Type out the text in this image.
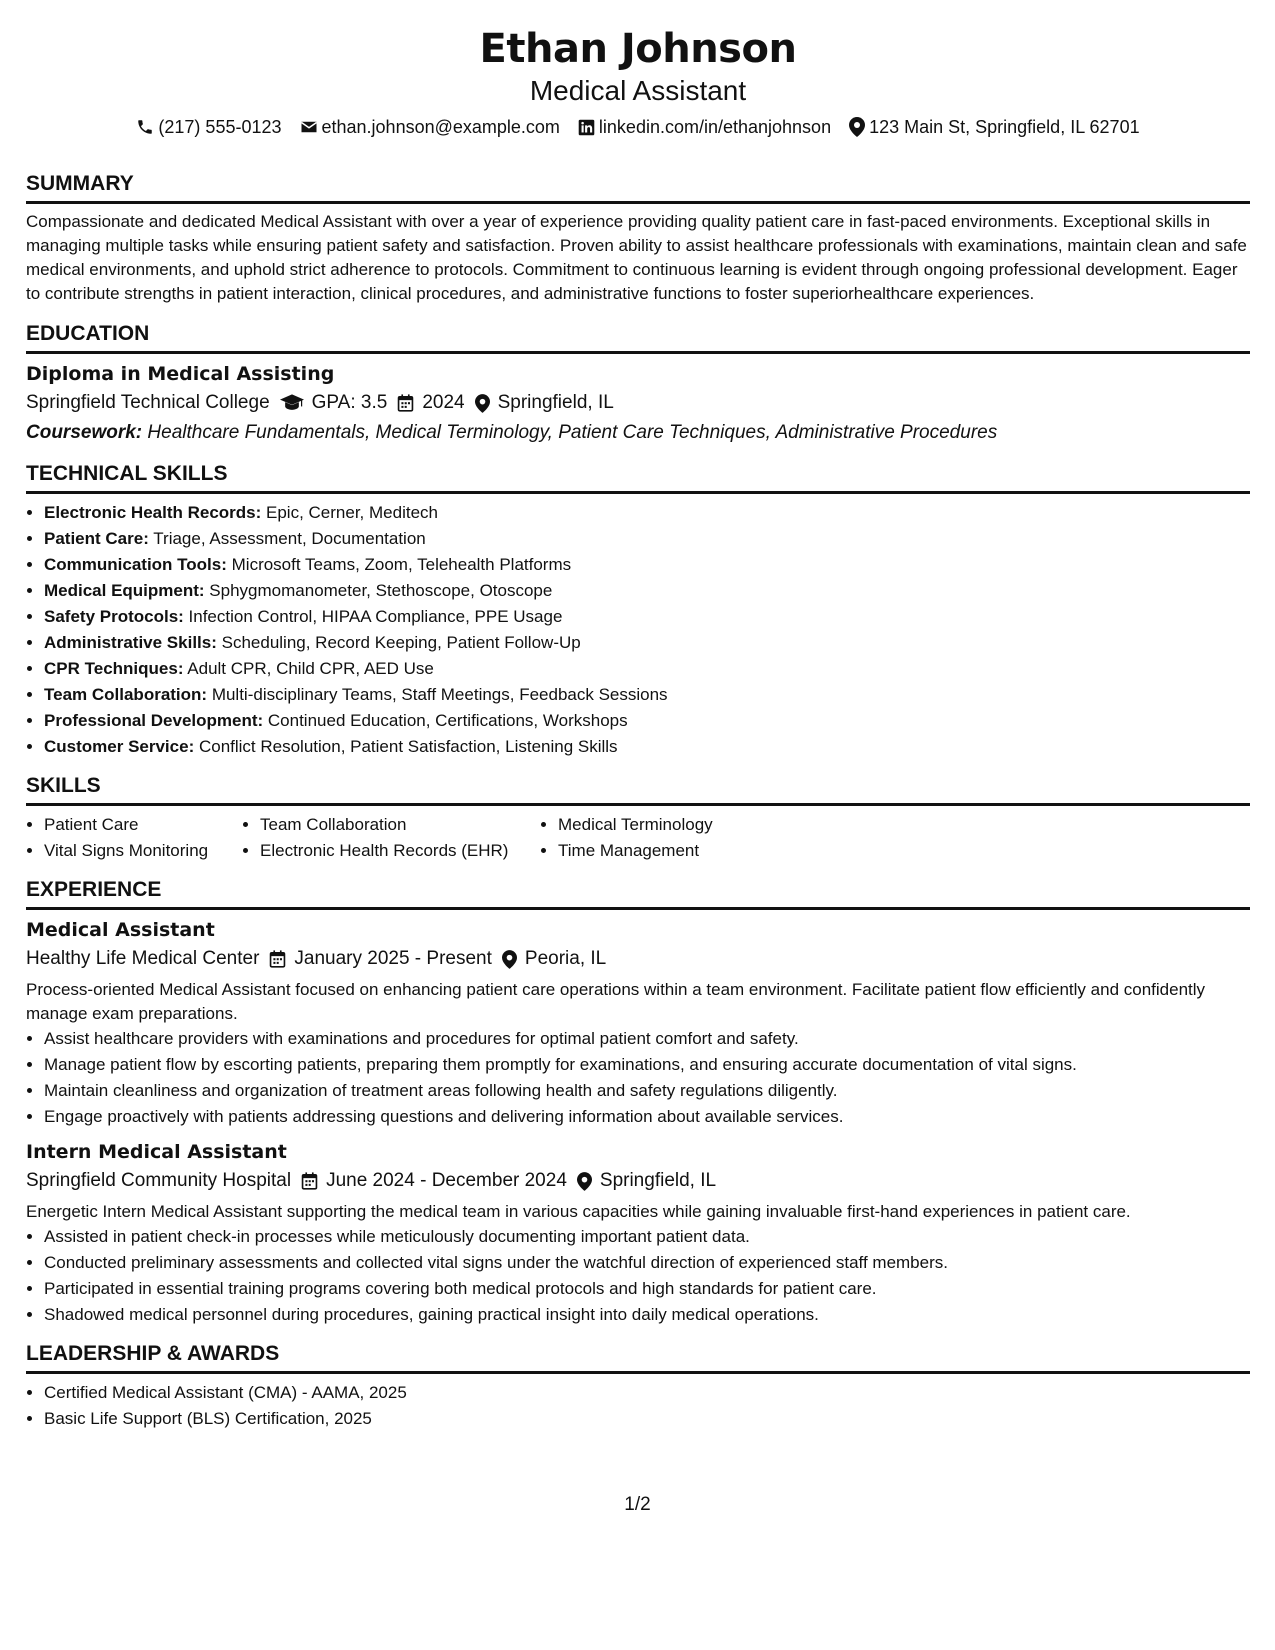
Ethan Johnson
Medical Assistant
(217) 555-0123 ethan.johnson@example.com linkedin.com/in/ethanjohnson 123 Main St, Springfield, IL 62701
SUMMARY
Compassionate and dedicated Medical Assistant with over a year of experience providing quality patient care in fast-paced environments. Exceptional skills in managing multiple tasks while ensuring patient safety and satisfaction. Proven ability to assist healthcare professionals with examinations, maintain clean and safe medical environments, and uphold strict adherence to protocols. Commitment to continuous learning is evident through ongoing professional development. Eager to contribute strengths in patient interaction, clinical procedures, and administrative functions to foster superiorhealthcare experiences.
EDUCATION
Diploma in Medical Assisting
Springfield Technical College GPA: 3.5 2024 Springfield, IL
Coursework: Healthcare Fundamentals, Medical Terminology, Patient Care Techniques, Administrative Procedures
TECHNICAL SKILLS
• Electronic Health Records: Epic, Cerner, Meditech
• Patient Care: Triage, Assessment, Documentation
• Communication Tools: Microsoft Teams, Zoom, Telehealth Platforms
• Medical Equipment: Sphygmomanometer, Stethoscope, Otoscope
• Safety Protocols: Infection Control, HIPAA Compliance, PPE Usage
• Administrative Skills: Scheduling, Record Keeping, Patient Follow-Up
• CPR Techniques: Adult CPR, Child CPR, AED Use
• Team Collaboration: Multi-disciplinary Teams, Staff Meetings, Feedback Sessions
• Professional Development: Continued Education, Certifications, Workshops
• Customer Service: Conflict Resolution, Patient Satisfaction, Listening Skills
SKILLS
• Patient Care
• Vital Signs Monitoring
• Team Collaboration
• Electronic Health Records (EHR)
• Medical Terminology
• Time Management
EXPERIENCE
Medical Assistant
Healthy Life Medical Center January 2025 - Present Peoria, IL
Process-oriented Medical Assistant focused on enhancing patient care operations within a team environment. Facilitate patient flow efficiently and confidently manage exam preparations.
• Assist healthcare providers with examinations and procedures for optimal patient comfort and safety.
• Manage patient flow by escorting patients, preparing them promptly for examinations, and ensuring accurate documentation of vital signs.
• Maintain cleanliness and organization of treatment areas following health and safety regulations diligently.
• Engage proactively with patients addressing questions and delivering information about available services.
Intern Medical Assistant
Springfield Community Hospital June 2024 - December 2024 Springfield, IL
Energetic Intern Medical Assistant supporting the medical team in various capacities while gaining invaluable first-hand experiences in patient care.
• Assisted in patient check-in processes while meticulously documenting important patient data.
• Conducted preliminary assessments and collected vital signs under the watchful direction of experienced staff members.
• Participated in essential training programs covering both medical protocols and high standards for patient care.
• Shadowed medical personnel during procedures, gaining practical insight into daily medical operations.
LEADERSHIP & AWARDS
• Certified Medical Assistant (CMA) - AAMA, 2025
• Basic Life Support (BLS) Certification, 2025
1/2
